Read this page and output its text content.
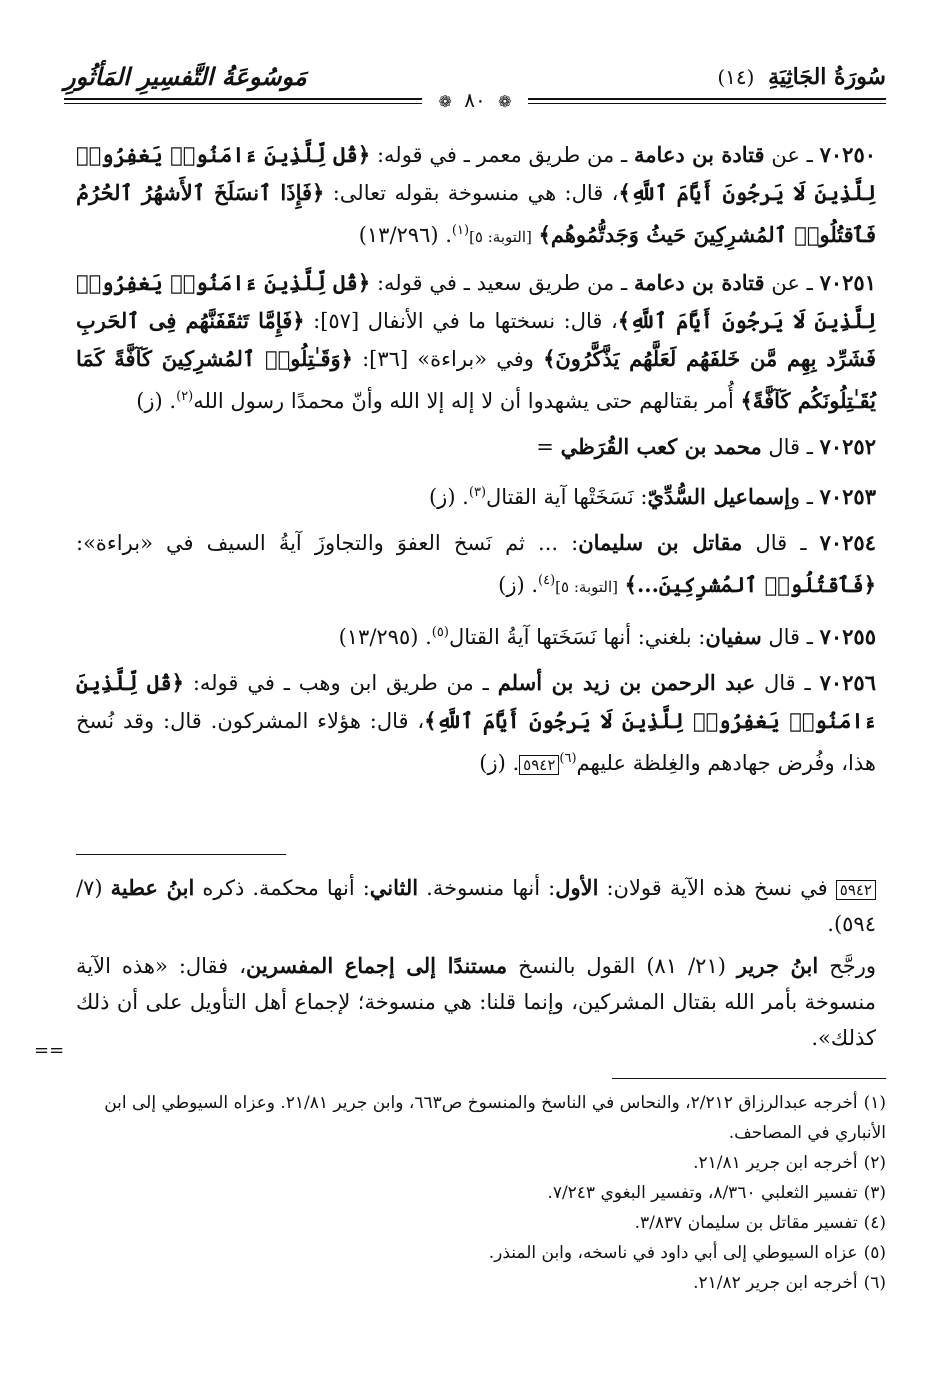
سُورَةُ الجَاثِيَةِ (١٤)
مَوسُوعَةُ التَّفسِيرِ المَأثُورِ
❁ ٨٠ ❁

٧٠٢٥٠ ـ عن قتادة بن دعامة ـ من طريق معمر ـ في قوله: ﴿قُل لِّلَّذِينَ ءَامَنُوا۟ يَغفِرُوا۟ لِلَّذِينَ لَا يَرجُونَ أَيَّامَ ٱللَّهِ﴾، قال: هي منسوخة بقوله تعالى: ﴿فَإِذَا ٱنسَلَخَ ٱلأَشهُرُ ٱلحُرُمُ فَٱقتُلُوا۟ ٱلمُشرِكِينَ حَيثُ وَجَدتُّمُوهُم﴾ [التوبة: ٥]$^{(١)}$. (١٣/٢٩٦)

٧٠٢٥١ ـ عن قتادة بن دعامة ـ من طريق سعيد ـ في قوله: ﴿قُل لِّلَّذِينَ ءَامَنُوا۟ يَغفِرُوا۟ لِلَّذِينَ لَا يَرجُونَ أَيَّامَ ٱللَّهِ﴾، قال: نسختها ما في الأنفال [٥٧]: ﴿فَإِمَّا تَثقَفَنَّهُم فِى ٱلحَربِ فَشَرِّد بِهِم مَّن خَلفَهُم لَعَلَّهُم يَذَّكَّرُونَ﴾ وفي «براءة» [٣٦]: ﴿وَقَـٰتِلُوا۟ ٱلمُشرِكِينَ كَآفَّةً كَمَا يُقَـٰتِلُونَكُم كَآفَّةً﴾ أُمر بقتالهم حتى يشهدوا أن لا إله إلا الله وأنّ محمدًا رسول الله$^{(٢)}$. (ز)

٧٠٢٥٢ ـ قال محمد بن كعب القُرَظي =

٧٠٢٥٣ ـ وإسماعيل السُّدِّيّ: نَسَخَتْها آية القتال$^{(٣)}$. (ز)

٧٠٢٥٤ ـ قال مقاتل بن سليمان: ... ثم نَسخ العفوَ والتجاوزَ آيةُ السيف في «براءة»: ﴿فَٱقتُلُوا۟ ٱلمُشرِكِينَ...﴾ [التوبة: ٥]$^{(٤)}$. (ز)

٧٠٢٥٥ ـ قال سفيان: بلغني: أنها نَسَخَتها آيةُ القتال$^{(٥)}$. (١٣/٢٩٥)

٧٠٢٥٦ ـ قال عبد الرحمن بن زيد بن أسلم ـ من طريق ابن وهب ـ في قوله: ﴿قُل لِّلَّذِينَ ءَامَنُوا۟ يَغفِرُوا۟ لِلَّذِينَ لَا يَرجُونَ أَيَّامَ ٱللَّهِ﴾، قال: هؤلاء المشركون. قال: وقد نُسخ هذا، وفُرض جهادهم والغِلظة عليهم$^{(٦)}$٥٩٤٢. (ز)

٥٩٤٢ في نسخ هذه الآية قولان: الأول: أنها منسوخة. الثاني: أنها محكمة. ذكره ابنُ عطية (٧/ ٥٩٤).

ورجَّح ابنُ جرير (٢١/ ٨١) القول بالنسخ مستندًا إلى إجماع المفسرين، فقال: «هذه الآية منسوخة بأمر الله بقتال المشركين، وإنما قلنا: هي منسوخة؛ لإجماع أهل التأويل على أن ذلك كذلك».

==

(١)أخرجه عبدالرزاق ٢/٢١٢، والنحاس في الناسخ والمنسوخ ص٦٦٣، وابن جرير ٢١/٨١. وعزاه السيوطي إلى ابن الأنباري في المصاحف.

(٢)أخرجه ابن جرير ٢١/٨١.

(٣)تفسير الثعلبي ٨/٣٦٠، وتفسير البغوي ٧/٢٤٣.

(٤)تفسير مقاتل بن سليمان ٣/٨٣٧.

(٥)عزاه السيوطي إلى أبي داود في ناسخه، وابن المنذر.

(٦)أخرجه ابن جرير ٢١/٨٢.
